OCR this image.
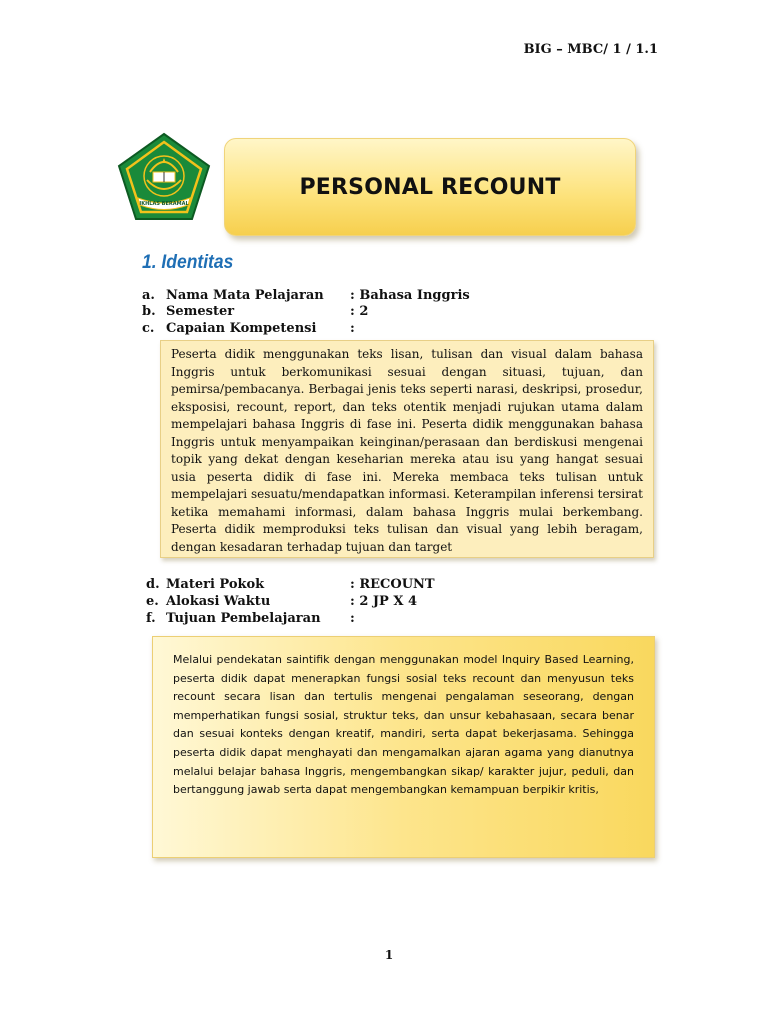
BIG – MBC/ 1 / 1.1
IKHLAS BERAMAL
PERSONAL RECOUNT
1. Identitas
a. Nama Mata Pelajaran : Bahasa Inggris
b. Semester	: 2
c. Capaian Kompetensi	:

Peserta didik menggunakan teks lisan, tulisan dan visual dalam bahasa Inggris untuk berkomunikasi sesuai dengan situasi, tujuan, dan pemirsa/pembacanya. Berbagai jenis teks seperti narasi, deskripsi, prosedur, eksposisi, recount, report, dan teks otentik menjadi rujukan utama dalam mempelajari bahasa Inggris di fase ini. Peserta didik menggunakan bahasa Inggris untuk menyampaikan keinginan/perasaan dan berdiskusi mengenai topik yang dekat dengan keseharian mereka atau isu yang hangat sesuai usia peserta didik di fase ini. Mereka membaca teks tulisan untuk mempelajari sesuatu/mendapatkan informasi. Keterampilan inferensi tersirat ketika memahami informasi, dalam bahasa Inggris mulai berkembang. Peserta didik memproduksi teks tulisan dan visual yang lebih beragam, dengan kesadaran terhadap tujuan dan target

d. Materi Pokok	: RECOUNT
e. Alokasi Waktu	: 2 JP X 4
f. Tujuan Pembelajaran :

Melalui pendekatan saintifik dengan menggunakan model Inquiry Based Learning, peserta didik dapat menerapkan fungsi sosial teks recount dan menyusun teks recount secara lisan dan tertulis mengenai pengalaman seseorang, dengan memperhatikan fungsi sosial, struktur teks, dan unsur kebahasaan, secara benar dan sesuai konteks dengan kreatif, mandiri, serta dapat bekerjasama. Sehingga peserta didik dapat menghayati dan mengamalkan ajaran agama yang dianutnya melalui belajar bahasa Inggris, mengembangkan sikap/ karakter jujur, peduli, dan bertanggung jawab serta dapat mengembangkan kemampuan berpikir kritis,

1
